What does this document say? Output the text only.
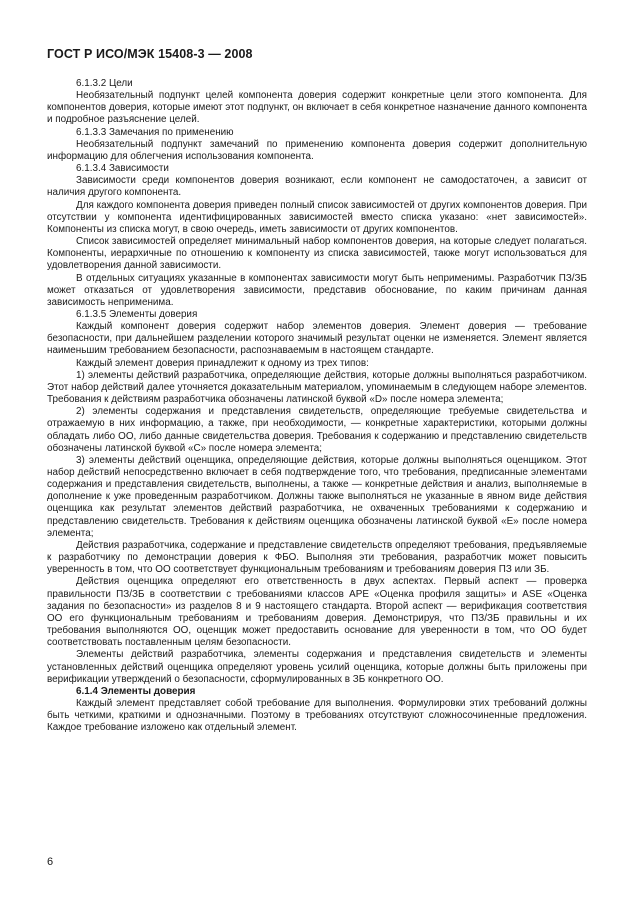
ГОСТ Р ИСО/МЭК 15408-3 — 2008

6.1.3.2 Цели

Необязательный подпункт целей компонента доверия содержит конкретные цели этого компонента. Для компонентов доверия, которые имеют этот подпункт, он включает в себя конкретное назначение данного компонента и подробное разъяснение целей.

6.1.3.3 Замечания по применению

Необязательный подпункт замечаний по применению компонента доверия содержит дополнительную информацию для облегчения использования компонента.

6.1.3.4 Зависимости

Зависимости среди компонентов доверия возникают, если компонент не самодостаточен, а зависит от наличия другого компонента.

Для каждого компонента доверия приведен полный список зависимостей от других компонентов доверия. При отсутствии у компонента идентифицированных зависимостей вместо списка указано: «нет зависимостей». Компоненты из списка могут, в свою очередь, иметь зависимости от других компонентов.

Список зависимостей определяет минимальный набор компонентов доверия, на которые следует полагаться. Компоненты, иерархичные по отношению к компоненту из списка зависимостей, также могут использоваться для удовлетворения данной зависимости.

В отдельных ситуациях указанные в компонентах зависимости могут быть неприменимы. Разработчик ПЗ/ЗБ может отказаться от удовлетворения зависимости, представив обоснование, по каким причинам данная зависимость неприменима.

6.1.3.5 Элементы доверия

Каждый компонент доверия содержит набор элементов доверия. Элемент доверия — требование безопасности, при дальнейшем разделении которого значимый результат оценки не изменяется. Элемент является наименьшим требованием безопасности, распознаваемым в настоящем стандарте.

Каждый элемент доверия принадлежит к одному из трех типов:

1) элементы действий разработчика, определяющие действия, которые должны выполняться разработчиком. Этот набор действий далее уточняется доказательным материалом, упоминаемым в следующем наборе элементов. Требования к действиям разработчика обозначены латинской буквой «D» после номера элемента;

2) элементы содержания и представления свидетельств, определяющие требуемые свидетельства и отражаемую в них информацию, а также, при необходимости, — конкретные характеристики, которыми должны обладать либо ОО, либо данные свидетельства доверия. Требования к содержанию и представлению свидетельств обозначены латинской буквой «С» после номера элемента;

3) элементы действий оценщика, определяющие действия, которые должны выполняться оценщиком. Этот набор действий непосредственно включает в себя подтверждение того, что требования, предписанные элементами содержания и представления свидетельств, выполнены, а также — конкретные действия и анализ, выполняемые в дополнение к уже проведенным разработчиком. Должны также выполняться не указанные в явном виде действия оценщика как результат элементов действий разработчика, не охваченных требованиями к содержанию и представлению свидетельств. Требования к действиям оценщика обозначены латинской буквой «Е» после номера элемента;

Действия разработчика, содержание и представление свидетельств определяют требования, предъявляемые к разработчику по демонстрации доверия к ФБО. Выполняя эти требования, разработчик может повысить уверенность в том, что ОО соответствует функциональным требованиям и требованиям доверия ПЗ или ЗБ.

Действия оценщика определяют его ответственность в двух аспектах. Первый аспект — проверка правильности ПЗ/ЗБ в соответствии с требованиями классов АРЕ «Оценка профиля защиты» и ASE «Оценка задания по безопасности» из разделов 8 и 9 настоящего стандарта. Второй аспект — верификация соответствия ОО его функциональным требованиям и требованиям доверия. Демонстрируя, что ПЗ/ЗБ правильны и их требования выполняются ОО, оценщик может предоставить основание для уверенности в том, что ОО будет соответствовать поставленным целям безопасности.

Элементы действий разработчика, элементы содержания и представления свидетельств и элементы установленных действий оценщика определяют уровень усилий оценщика, которые должны быть приложены при верификации утверждений о безопасности, сформулированных в ЗБ конкретного ОО.

6.1.4 Элементы доверия

Каждый элемент представляет собой требование для выполнения. Формулировки этих требований должны быть четкими, краткими и однозначными. Поэтому в требованиях отсутствуют сложносочиненные предложения. Каждое требование изложено как отдельный элемент.

6
